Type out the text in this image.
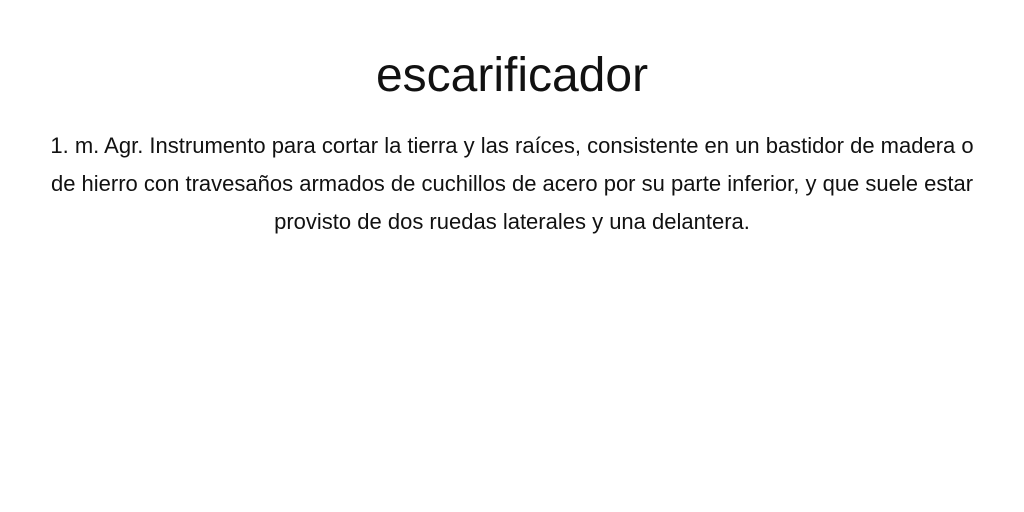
escarificador

1. m. Agr. Instrumento para cortar la tierra y las raíces, consistente en un bastidor de madera o de hierro con travesaños armados de cuchillos de acero por su parte inferior, y que suele estar provisto de dos ruedas laterales y una delantera.
